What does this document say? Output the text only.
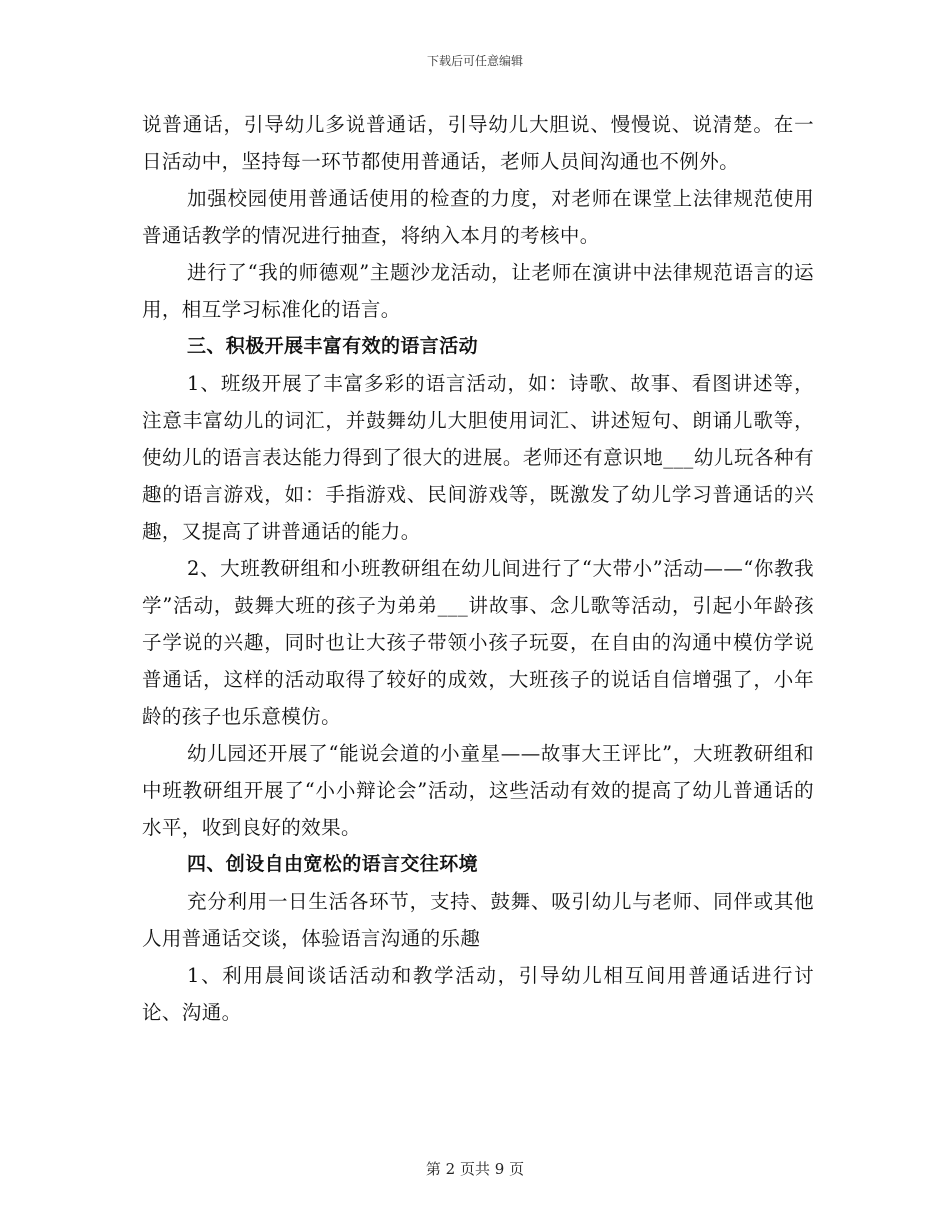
下载后可任意编辑

说普通话，引导幼儿多说普通话，引导幼儿大胆说、慢慢说、说清楚。在一日活动中，坚持每一环节都使用普通话，老师人员间沟通也不例外。

加强校园使用普通话使用的检查的力度，对老师在课堂上法律规范使用普通话教学的情况进行抽查，将纳入本月的考核中。

进行了“我的师德观”主题沙龙活动，让老师在演讲中法律规范语言的运用，相互学习标准化的语言。

三、积极开展丰富有效的语言活动

1、班级开展了丰富多彩的语言活动，如：诗歌、故事、看图讲述等，注意丰富幼儿的词汇，并鼓舞幼儿大胆使用词汇、讲述短句、朗诵儿歌等，使幼儿的语言表达能力得到了很大的进展。老师还有意识地___幼儿玩各种有趣的语言游戏，如：手指游戏、民间游戏等，既激发了幼儿学习普通话的兴趣，又提高了讲普通话的能力。

2、大班教研组和小班教研组在幼儿间进行了“大带小”活动——“你教我学”活动，鼓舞大班的孩子为弟弟___讲故事、念儿歌等活动，引起小年龄孩子学说的兴趣，同时也让大孩子带领小孩子玩耍，在自由的沟通中模仿学说普通话，这样的活动取得了较好的成效，大班孩子的说话自信增强了，小年龄的孩子也乐意模仿。

幼儿园还开展了“能说会道的小童星——故事大王评比”，大班教研组和中班教研组开展了“小小辩论会”活动，这些活动有效的提高了幼儿普通话的水平，收到良好的效果。

四、创设自由宽松的语言交往环境

充分利用一日生活各环节，支持、鼓舞、吸引幼儿与老师、同伴或其他人用普通话交谈，体验语言沟通的乐趣

1、利用晨间谈话活动和教学活动，引导幼儿相互间用普通话进行讨论、沟通。

第 2 页共 9 页
